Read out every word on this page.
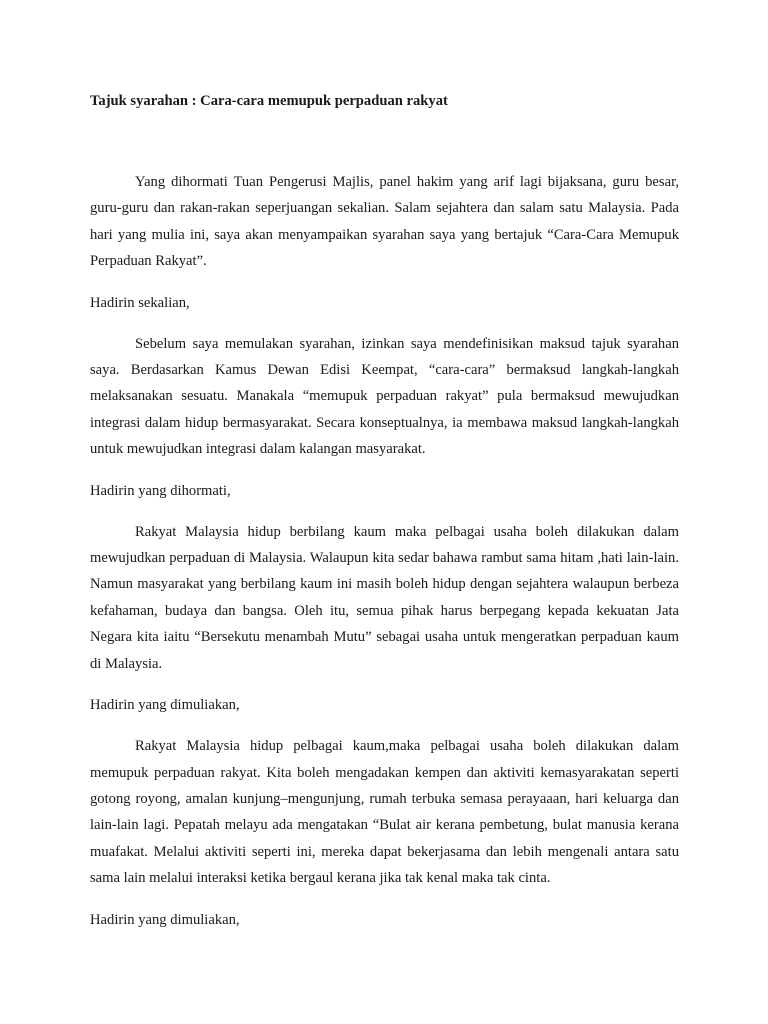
Tajuk syarahan : Cara-cara memupuk perpaduan rakyat

Yang dihormati Tuan Pengerusi Majlis, panel hakim yang arif lagi bijaksana, guru besar, guru-guru dan rakan-rakan seperjuangan sekalian. Salam sejahtera dan salam satu Malaysia. Pada hari yang mulia ini, saya akan menyampaikan syarahan saya yang bertajuk “Cara-Cara Memupuk Perpaduan Rakyat”.

Hadirin sekalian,

Sebelum saya memulakan syarahan, izinkan saya mendefinisikan maksud tajuk syarahan saya. Berdasarkan Kamus Dewan Edisi Keempat, “cara-cara” bermaksud langkah-langkah melaksanakan sesuatu. Manakala “memupuk perpaduan rakyat” pula bermaksud mewujudkan integrasi dalam hidup bermasyarakat. Secara konseptualnya, ia membawa maksud langkah-langkah untuk mewujudkan integrasi dalam kalangan masyarakat.

Hadirin yang dihormati,

Rakyat Malaysia hidup berbilang kaum maka pelbagai usaha boleh dilakukan dalam mewujudkan perpaduan di Malaysia. Walaupun kita sedar bahawa rambut sama hitam ,hati lain-lain. Namun masyarakat yang berbilang kaum ini masih boleh hidup dengan sejahtera walaupun berbeza kefahaman, budaya dan bangsa. Oleh itu, semua pihak harus berpegang kepada kekuatan Jata Negara kita iaitu “Bersekutu menambah Mutu” sebagai usaha untuk mengeratkan perpaduan kaum di Malaysia.

Hadirin yang dimuliakan,

Rakyat Malaysia hidup pelbagai kaum,maka pelbagai usaha boleh dilakukan dalam memupuk perpaduan rakyat. Kita boleh mengadakan kempen dan aktiviti kemasyarakatan seperti gotong royong, amalan kunjung–mengunjung, rumah terbuka semasa perayaaan, hari keluarga dan lain-lain lagi. Pepatah melayu ada mengatakan “Bulat air kerana pembetung, bulat manusia kerana muafakat. Melalui aktiviti seperti ini, mereka dapat bekerjasama dan lebih mengenali antara satu sama lain melalui interaksi ketika bergaul kerana jika tak kenal maka tak cinta.

Hadirin yang dimuliakan,
